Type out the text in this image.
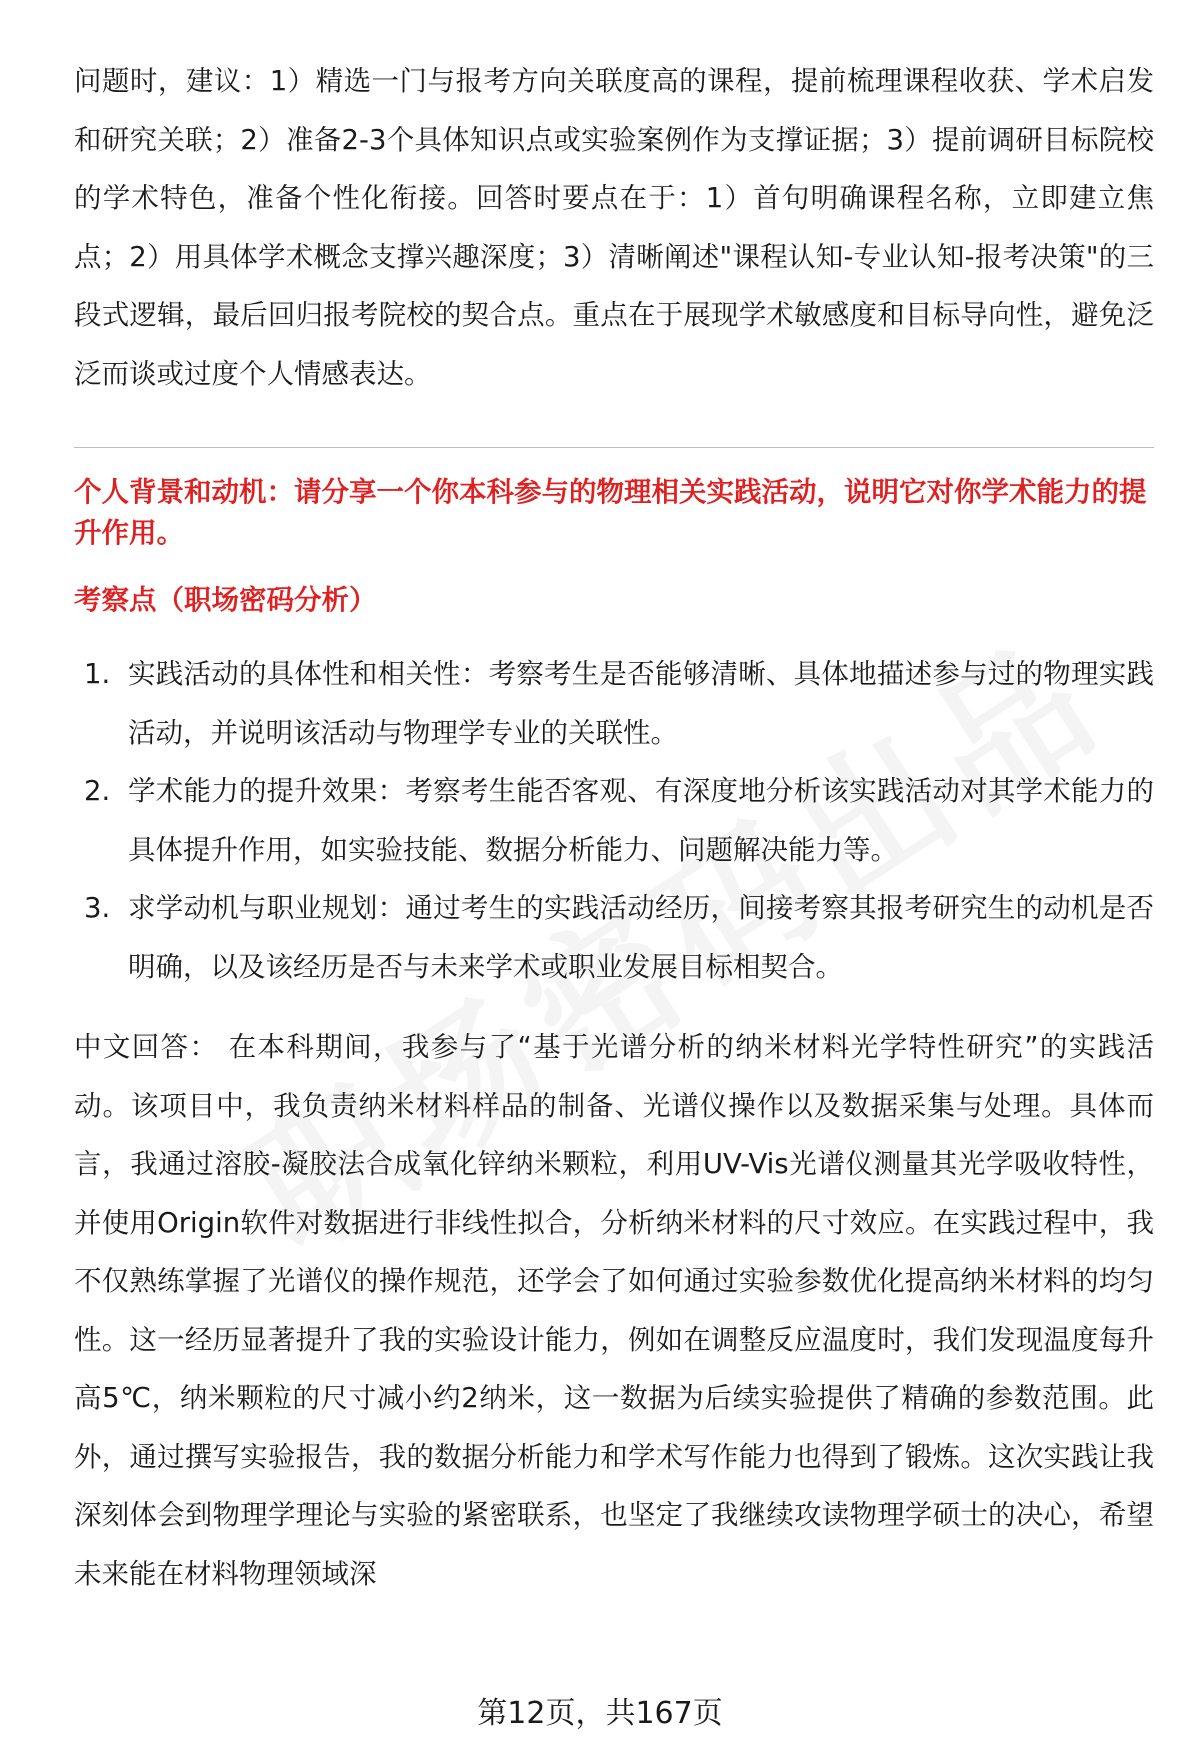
问题时，建议：1）精选一门与报考方向关联度高的课程，提前梳理课程收获、学术启发和研究关联；2）准备2-3个具体知识点或实验案例作为支撑证据；3）提前调研目标院校的学术特色，准备个性化衔接。回答时要点在于：1）首句明确课程名称，立即建立焦点；2）用具体学术概念支撑兴趣深度；3）清晰阐述"课程认知-专业认知-报考决策"的三段式逻辑，最后回归报考院校的契合点。重点在于展现学术敏感度和目标导向性，避免泛泛而谈或过度个人情感表达。

个人背景和动机：请分享一个你本科参与的物理相关实践活动，说明它对你学术能力的提升作用。

考察点（职场密码分析）

1. 实践活动的具体性和相关性：考察考生是否能够清晰、具体地描述参与过的物理实践活动，并说明该活动与物理学专业的关联性。
2. 学术能力的提升效果：考察考生能否客观、有深度地分析该实践活动对其学术能力的具体提升作用，如实验技能、数据分析能力、问题解决能力等。
3. 求学动机与职业规划：通过考生的实践活动经历，间接考察其报考研究生的动机是否明确，以及该经历是否与未来学术或职业发展目标相契合。

中文回答： 在本科期间，我参与了“基于光谱分析的纳米材料光学特性研究”的实践活动。该项目中，我负责纳米材料样品的制备、光谱仪操作以及数据采集与处理。具体而言，我通过溶胶-凝胶法合成氧化锌纳米颗粒，利用UV-Vis光谱仪测量其光学吸收特性，并使用Origin软件对数据进行非线性拟合，分析纳米材料的尺寸效应。在实践过程中，我不仅熟练掌握了光谱仪的操作规范，还学会了如何通过实验参数优化提高纳米材料的均匀性。这一经历显著提升了我的实验设计能力，例如在调整反应温度时，我们发现温度每升高5℃，纳米颗粒的尺寸减小约2纳米，这一数据为后续实验提供了精确的参数范围。此外，通过撰写实验报告，我的数据分析能力和学术写作能力也得到了锻炼。这次实践让我深刻体会到物理学理论与实验的紧密联系，也坚定了我继续攻读物理学硕士的决心，希望未来能在材料物理领域深

第12页，共167页
